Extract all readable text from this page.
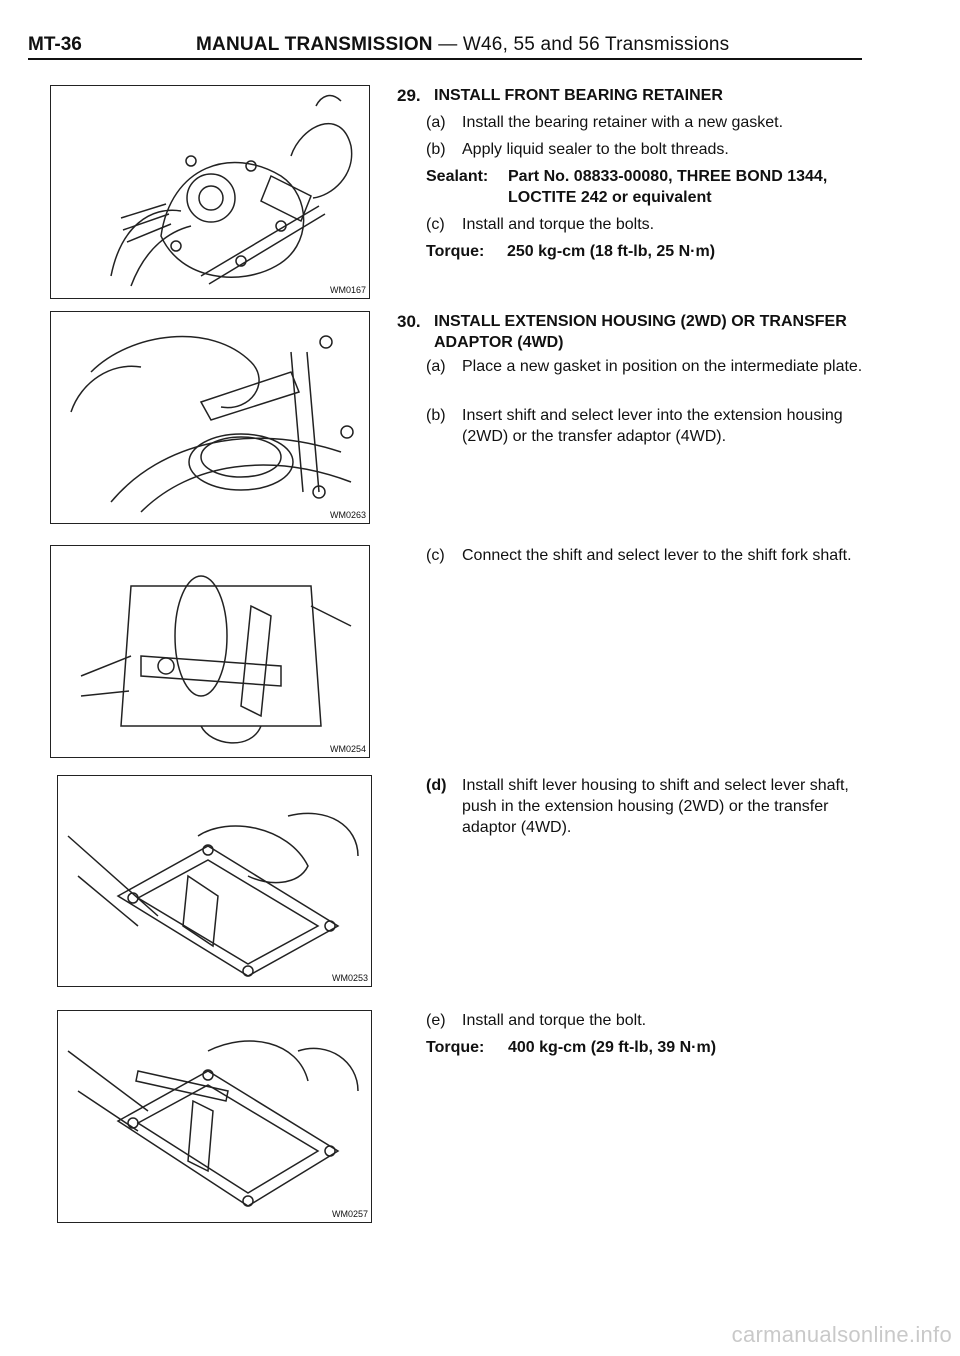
MT-36	MANUAL TRANSMISSION — W46, 55 and 56 Transmissions
WM0167
WM0263
WM0254
WM0253
WM0257
29. INSTALL FRONT BEARING RETAINER
(a) Install the bearing retainer with a new gasket.
(b) Apply liquid sealer to the bolt threads.
Sealant: Part No. 08833-00080, THREE BOND 1344,
LOCTITE 242 or equivalent
(c) Install and torque the bolts.
Torque: 250 kg-cm (18 ft-lb, 25 N·m)
30. INSTALL EXTENSION HOUSING (2WD) OR TRANSFER ADAPTOR (4WD)
(a) Place a new gasket in position on the intermediate plate.
(b) Insert shift and select lever into the extension housing (2WD) or the transfer adaptor (4WD).
(c) Connect the shift and select lever to the shift fork shaft.
(d) Install shift lever housing to shift and select lever shaft, push in the extension housing (2WD) or the transfer adaptor (4WD).
(e) Install and torque the bolt.
Torque: 400 kg-cm (29 ft-lb, 39 N·m)
carmanualsonline.info
